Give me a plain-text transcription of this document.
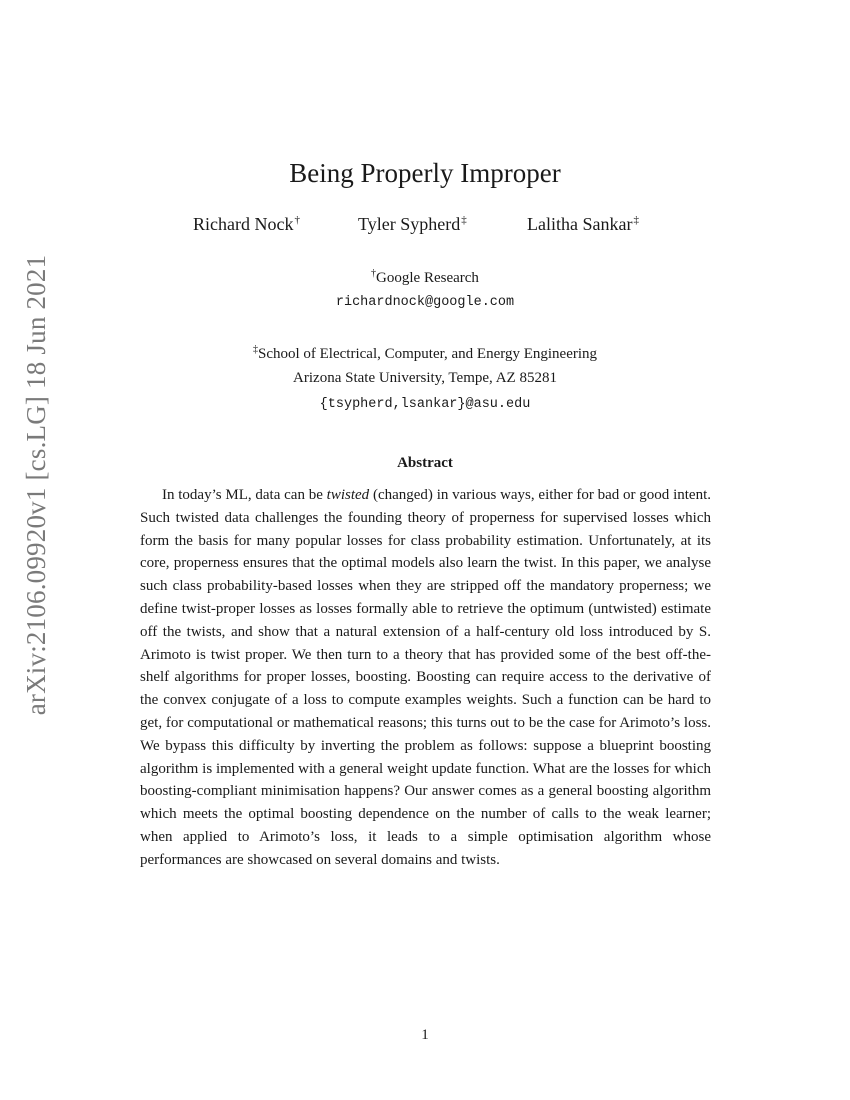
arXiv:2106.09920v1 [cs.LG] 18 Jun 2021
Being Properly Improper
Richard Nock†	Tyler Sypherd‡	Lalitha Sankar‡
†Google Research
richardnock@google.com
‡School of Electrical, Computer, and Energy Engineering
Arizona State University, Tempe, AZ 85281
{tsypherd,lsankar}@asu.edu
Abstract

In today’s ML, data can be twisted (changed) in various ways, either for bad or good intent. Such twisted data challenges the founding theory of properness for supervised losses which form the basis for many popular losses for class probability estimation. Unfortunately, at its core, properness ensures that the optimal models also learn the twist. In this paper, we analyse such class probability-based losses when they are stripped off the mandatory properness; we define twist-proper losses as losses formally able to retrieve the optimum (untwisted) estimate off the twists, and show that a natural extension of a half-century old loss introduced by S. Arimoto is twist proper. We then turn to a theory that has provided some of the best off-the-shelf algorithms for proper losses, boosting. Boosting can require access to the derivative of the convex conjugate of a loss to compute examples weights. Such a function can be hard to get, for computational or mathematical reasons; this turns out to be the case for Arimoto’s loss. We bypass this difficulty by inverting the problem as follows: suppose a blueprint boosting algorithm is implemented with a general weight update function. What are the losses for which boosting-compliant minimisation happens? Our answer comes as a general boosting algorithm which meets the optimal boosting dependence on the number of calls to the weak learner; when applied to Arimoto’s loss, it leads to a simple optimisation algorithm whose performances are showcased on several domains and twists.

1
